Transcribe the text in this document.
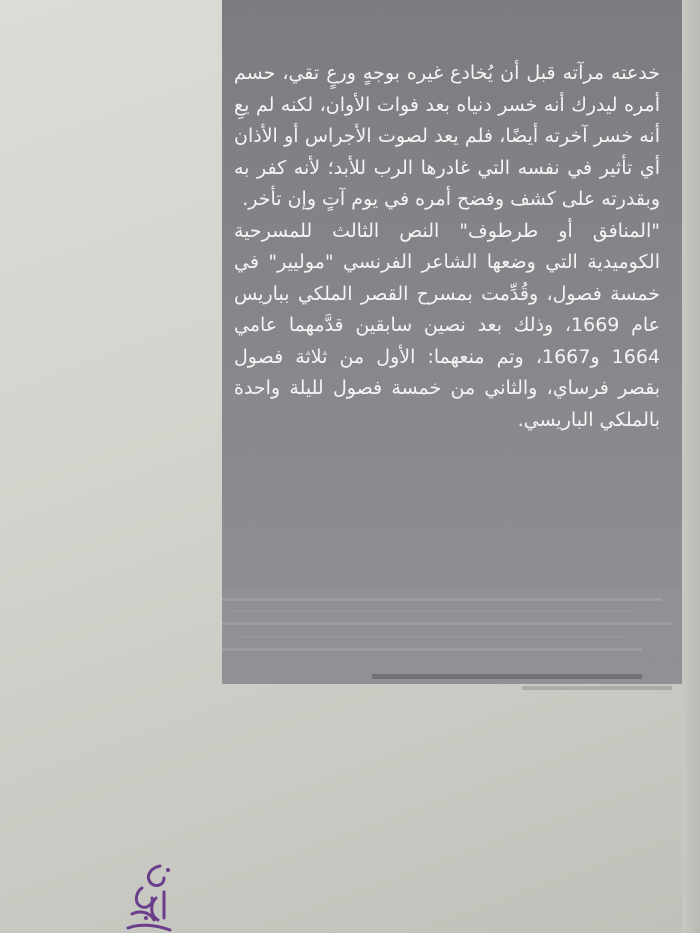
خدعته مرآته قبل أن يُخادع غيره بوجهٍ ورعٍ تقي، حسم أمره ليدرك أنه خسر دنياه بعد فوات الأوان، لكنه لم يعِ أنه خسر آخرته أيضًا، فلم يعد لصوت الأجراس أو الأذان أي تأثير في نفسه التي غادرها الرب للأبد؛ لأنه كفر به وبقدرته على كشف وفضح أمره في يوم آتٍ وإن تأخر.

"المنافق أو طرطوف" النص الثالث للمسرحية الكوميدية التي وضعها الشاعر الفرنسي "موليير" في خمسة فصول، وقُدِّمت بمسرح القصر الملكي بباريس عام 1669، وذلك بعد نصين سابقين قدَّمهما عامي 1664 و1667، وتم منعهما: الأول من ثلاثة فصول بقصر فرساي، والثاني من خمسة فصول لليلة واحدة بالملكي الباريسي.
